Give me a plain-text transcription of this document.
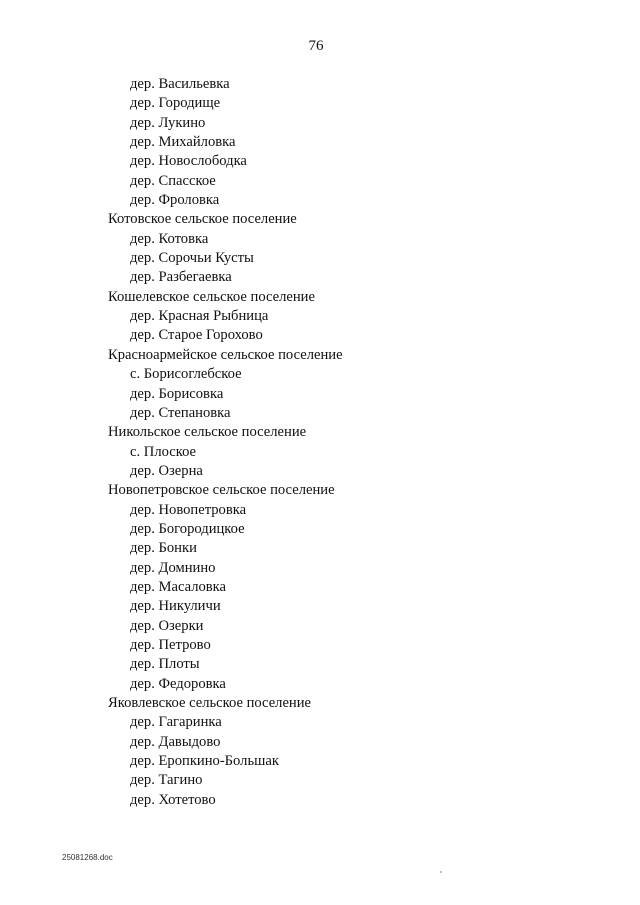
76
дер. Васильевка
дер. Городище
дер. Лукино
дер. Михайловка
дер. Новослободка
дер. Спасское
дер. Фроловка
Котовское сельское поселение
дер. Котовка
дер. Сорочьи Кусты
дер. Разбегаевка
Кошелевское сельское поселение
дер. Красная Рыбница
дер. Старое Горохово
Красноармейское сельское поселение
с. Борисоглебское
дер. Борисовка
дер. Степановка
Никольское сельское поселение
с. Плоское
дер. Озерна
Новопетровское сельское поселение
дер. Новопетровка
дер. Богородицкое
дер. Бонки
дер. Домнино
дер. Масаловка
дер. Никуличи
дер. Озерки
дер. Петрово
дер. Плоты
дер. Федоровка
Яковлевское сельское поселение
дер. Гагаринка
дер. Давыдово
дер. Еропкино-Большак
дер. Тагино
дер. Хотетово
25081268.doc
